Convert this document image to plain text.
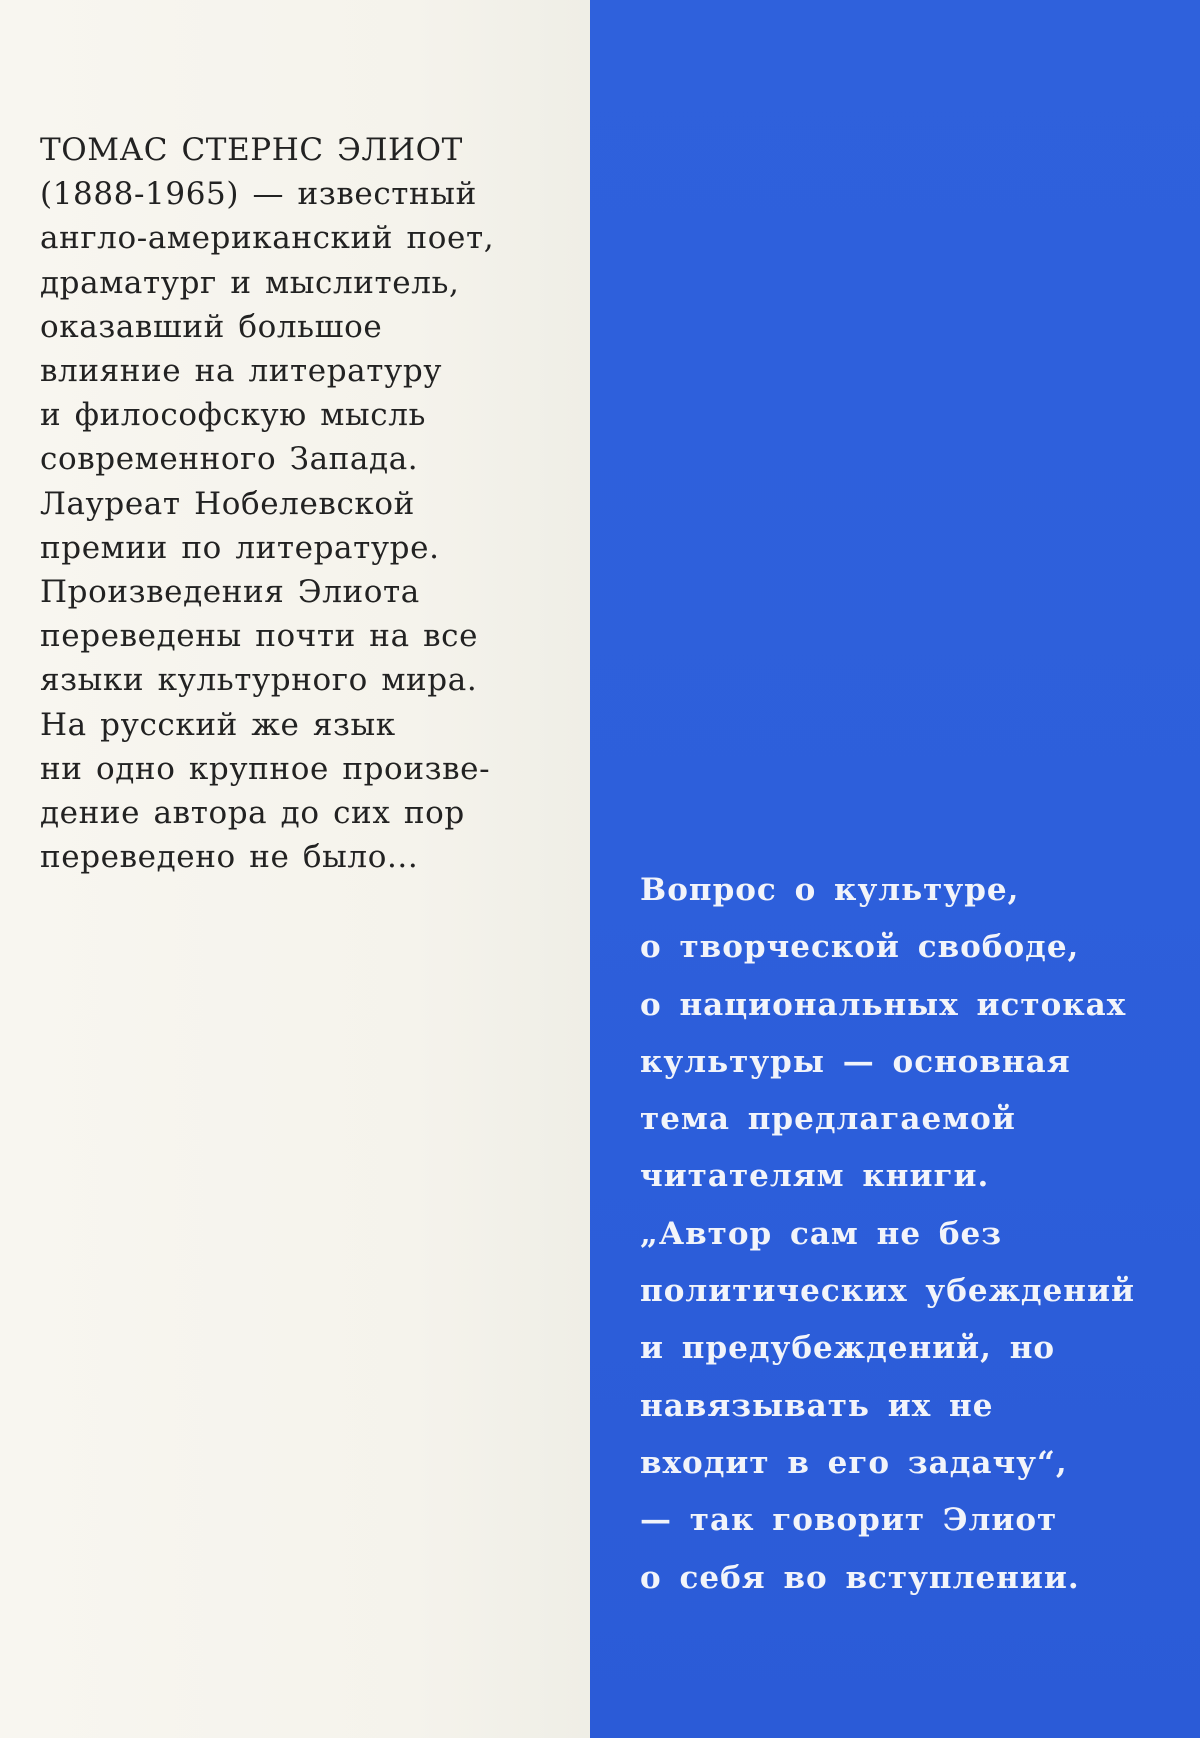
ТОМАС СТЕРНС ЭЛИОТ
(1888-1965) — известный
англо-американский поет,
драматург и мыслитель,
оказавший большое
влияние на литературу
и философскую мысль
современного Запада.
Лауреат Нобелевской
премии по литературе.
Произведения Элиота
переведены почти на все
языки культурного мира.
На русский же язык
ни одно крупное произве-
дение автора до сих пор
переведено не было...
Вопрос о культуре,
о творческой свободе,
о национальных истоках
культуры — основная
тема предлагаемой
читателям книги.
„Автор сам не без
политических убеждений
и предубеждений, но
навязывать их не
входит в его задачу“,
— так говорит Элиот
о себя во вступлении.
